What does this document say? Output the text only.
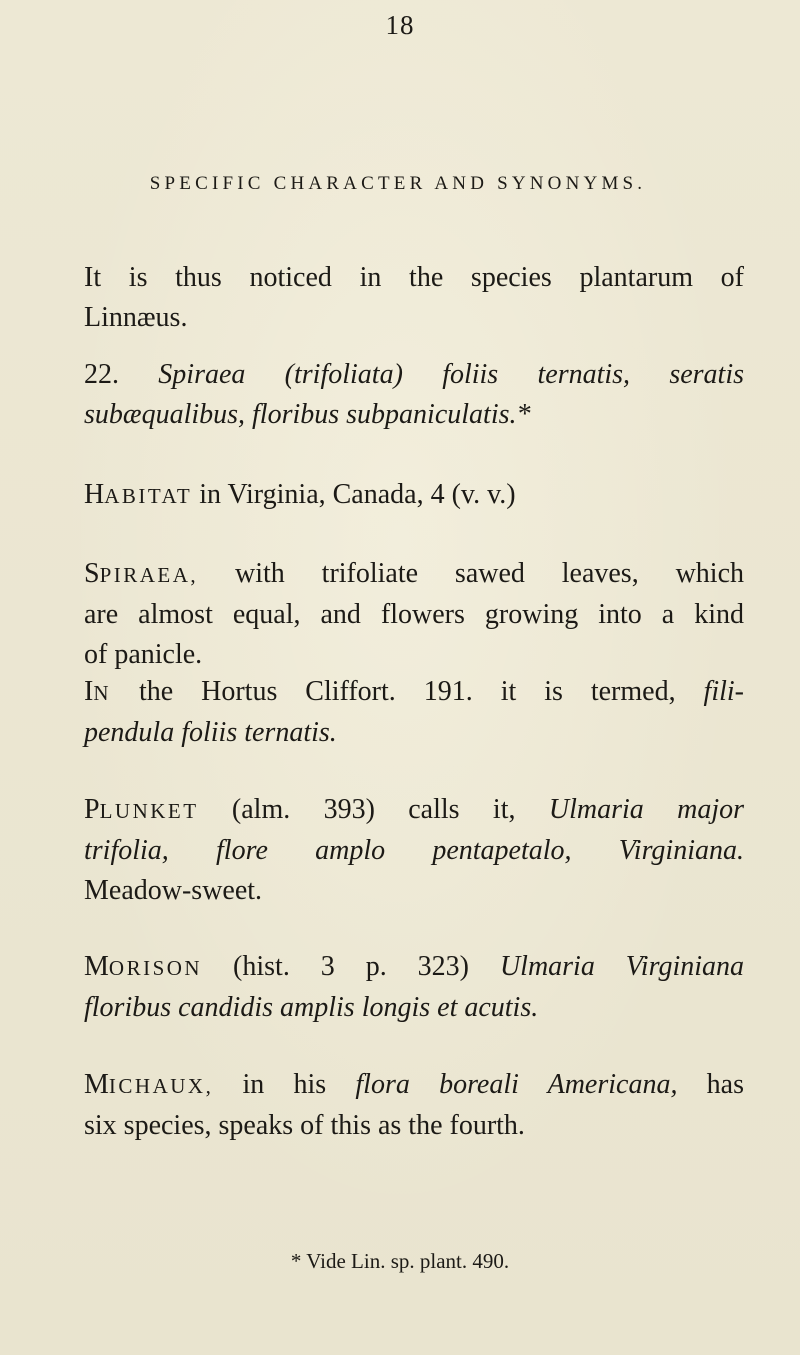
18
SPECIFIC CHARACTER AND SYNONYMS.
It is thus noticed in the species plantarum of
Linnæus.
22. Spiraea (trifoliata) foliis ternatis, seratis
subæqualibus, floribus subpaniculatis.*
HABITAT in Virginia, Canada, 4 (v. v.)
SPIRAEA, with trifoliate sawed leaves, which
are almost equal, and flowers growing into a kind
of panicle.
IN the Hortus Cliffort. 191. it is termed, fili-
pendula foliis ternatis.
PLUNKET (alm. 393) calls it, Ulmaria major
trifolia, flore amplo pentapetalo, Virginiana.
Meadow-sweet.
MORISON (hist. 3 p. 323) Ulmaria Virginiana
floribus candidis amplis longis et acutis.
MICHAUX, in his flora boreali Americana, has
six species, speaks of this as the fourth.
* Vide Lin. sp. plant. 490.
